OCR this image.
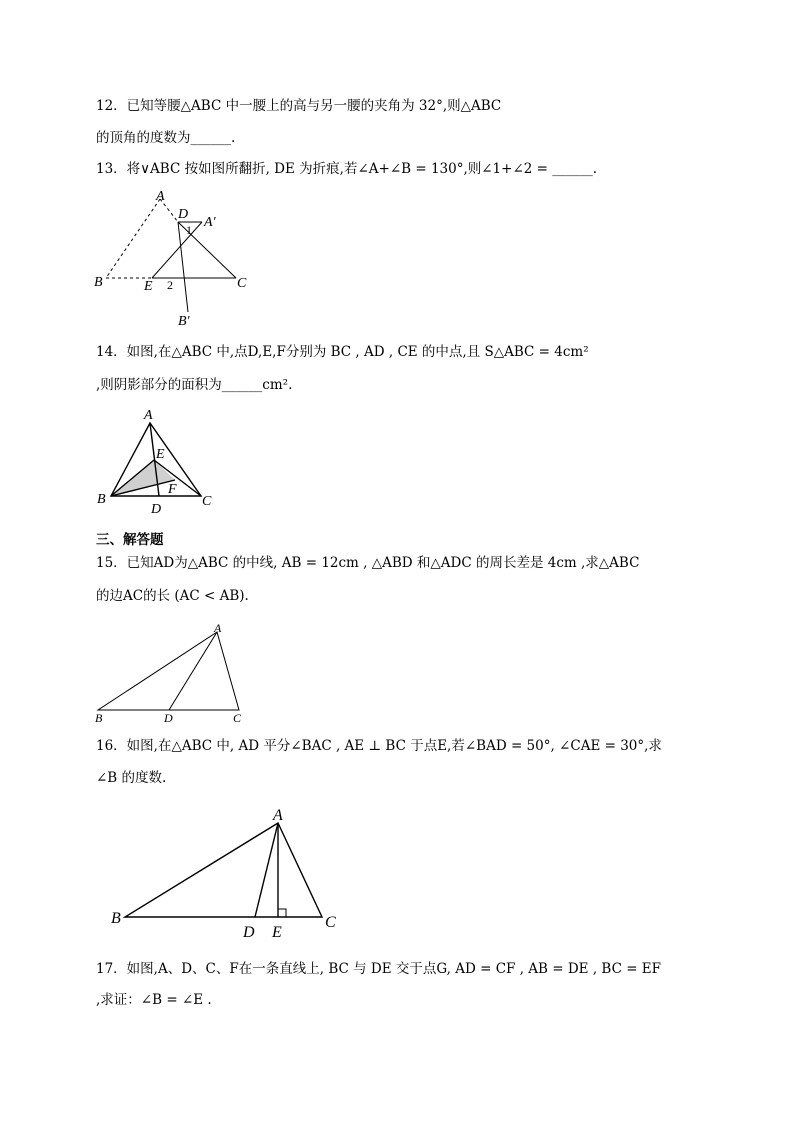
12．已知等腰△ABC 中一腰上的高与另一腰的夹角为 32°,则△ABC
的顶角的度数为______.
13．将∨ABC 按如图所翻折, DE 为折痕,若∠A+∠B = 130°,则∠1+∠2 = ______.
A
D
A′
1
B	E 2	C
B′
14．如图,在△ABC 中,点D,E,F分别为 BC , AD , CE 的中点,且 S△ABC = 4cm²
,则阴影部分的面积为______cm².
A
E
F
B
D
C
三、解答题
15．已知AD为△ABC 的中线, AB = 12cm , △ABD 和△ADC 的周长差是 4cm ,求△ABC
的边AC的长 (AC < AB).
A
B	D	C
16．如图,在△ABC 中, AD 平分∠BAC , AE ⊥ BC 于点E,若∠BAD = 50°, ∠CAE = 30°,求
∠B 的度数.
A
B
D E
C
17．如图,A、D、C、F在一条直线上, BC 与 DE 交于点G, AD = CF , AB = DE , BC = EF
,求证：∠B = ∠E .
